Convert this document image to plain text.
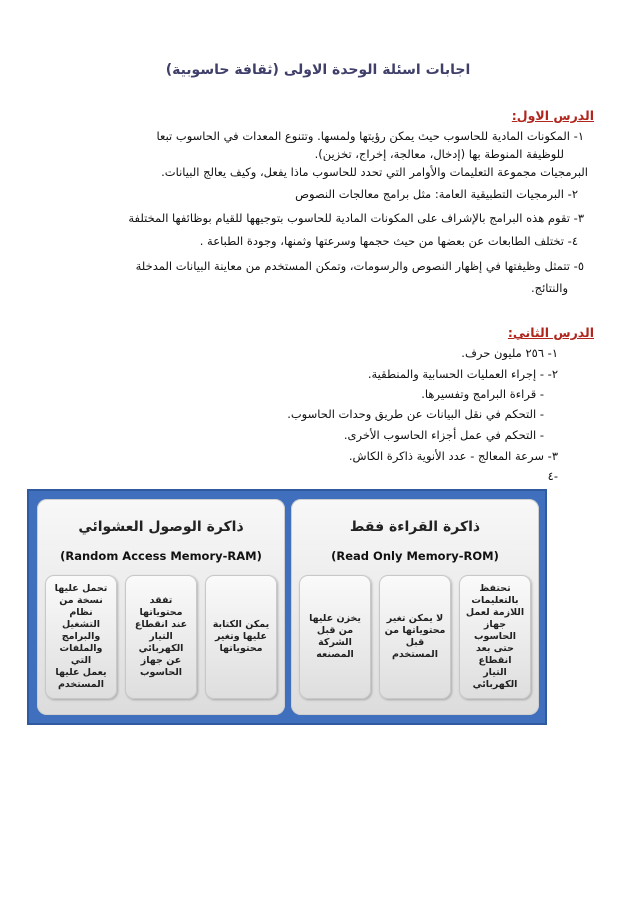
اجابات اسئلة الوحدة الاولى (ثقافة حاسوبية)
الدرس الاول:
١- المكونات المادية للحاسوب حيث يمكن رؤيتها ولمسها. وتتنوع المعدات في الحاسوب تبعا
للوظيفة المنوطة بها (إدخال، معالجة، إخراج، تخزين).
البرمجيات مجموعة التعليمات والأوامر التي تحدد للحاسوب ماذا يفعل، وكيف يعالج البيانات.
٢- البرمجيات التطبيقية العامة: مثل برامج معالجات النصوص
٣- تقوم هذه البرامج بالإشراف على المكونات المادية للحاسوب بتوجيهها للقيام بوظائفها المختلفة
٤- تختلف الطابعات عن بعضها من حيث حجمها وسرعتها وثمنها، وجودة الطباعة .
٥- تتمثل وظيفتها في إظهار النصوص والرسومات، وتمكن المستخدم من معاينة البيانات المدخلة
والنتائج.
الدرس الثاني:
١- ٢٥٦ مليون حرف.
٢- - إجراء العمليات الحسابية والمنطقية.
- قراءة البرامج وتفسيرها.
- التحكم في نقل البيانات عن طريق وحدات الحاسوب.
- التحكم في عمل أجزاء الحاسوب الأخرى.
٣- سرعة المعالج - عدد الأنوية ذاكرة الكاش.
-٤
ذاكرة القراءة فقط
(Read Only Memory-ROM)
تحتفظ
بالتعليمات
اللازمة لعمل
جهاز الحاسوب
حتى بعد انقطاع
التيار الكهربائي
لا يمكن تغير
محتوياتها من
قبل المستخدم
يخزن عليها
من قبل
الشركة
المصنعه
ذاكرة الوصول العشوائي
(Random Access Memory-RAM)
يمكن الكتابة
عليها وتغير
محتوياتها
تفقد محتوياتها
عند انقطاع
التيار الكهربائي
عن جهاز
الحاسوب
تحمل عليها
نسخة من نظام
التشغيل
والبرامج
والملفات التي
يعمل عليها
المستخدم
